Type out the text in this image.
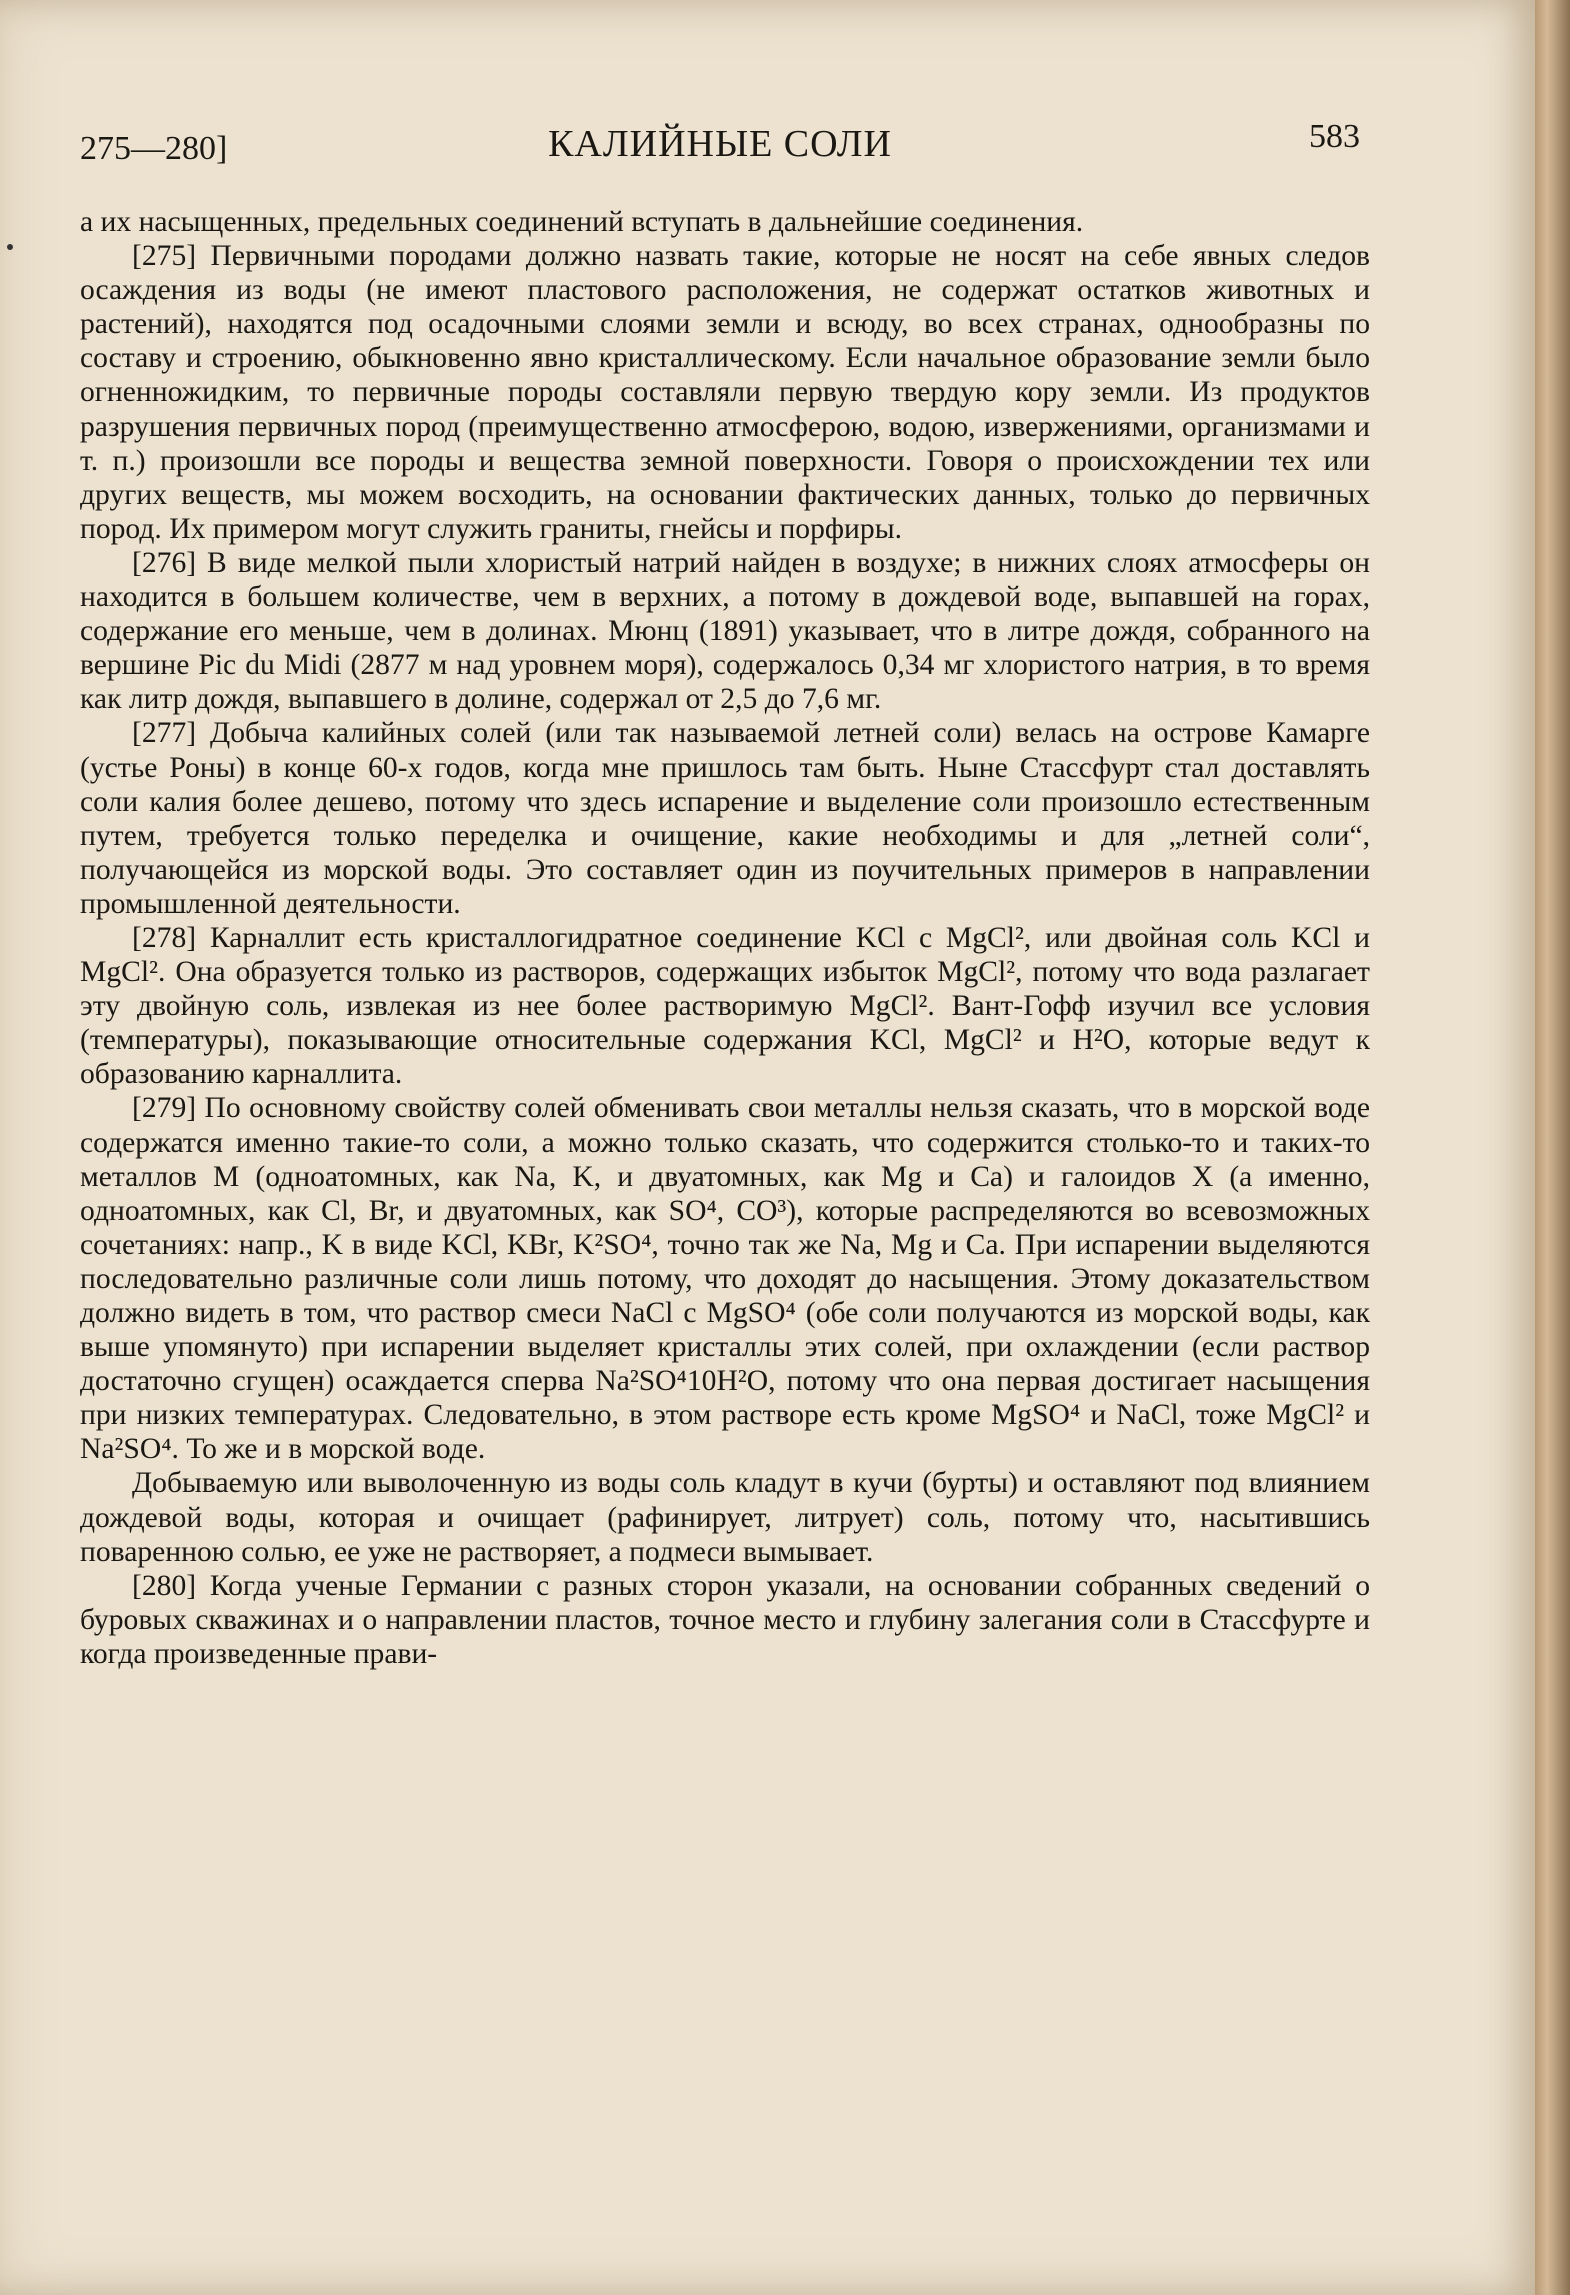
275—280]	КАЛИЙНЫЕ СОЛИ	583

а их насыщенных, предельных соединений вступать в дальнейшие соединения.

[275] Первичными породами должно назвать такие, которые не носят на себе явных следов осаждения из воды (не имеют пластового расположения, не содержат остатков животных и растений), находятся под осадочными слоями земли и всюду, во всех странах, однообразны по составу и строению, обыкновенно явно кристаллическому. Если начальное образование земли было огненножидким, то первичные породы составляли первую твердую кору земли. Из продуктов разрушения первичных пород (преимущественно атмосферою, водою, извержениями, организмами и т. п.) произошли все породы и вещества земной поверхности. Говоря о происхождении тех или других веществ, мы можем восходить, на основании фактических данных, только до первичных пород. Их примером могут служить граниты, гнейсы и порфиры.

[276] В виде мелкой пыли хлористый натрий найден в воздухе; в нижних слоях атмосферы он находится в большем количестве, чем в верхних, а потому в дождевой воде, выпавшей на горах, содержание его меньше, чем в долинах. Мюнц (1891) указывает, что в литре дождя, собранного на вершине Pic du Midi (2877 м над уровнем моря), содержалось 0,34 мг хлористого натрия, в то время как литр дождя, выпавшего в долине, содержал от 2,5 до 7,6 мг.

[277] Добыча калийных солей (или так называемой летней соли) велась на острове Камарге (устье Роны) в конце 60-х годов, когда мне пришлось там быть. Ныне Стассфурт стал доставлять соли калия более дешево, потому что здесь испарение и выделение соли произошло естественным путем, требуется только переделка и очищение, какие необходимы и для „летней соли“, получающейся из морской воды. Это составляет один из поучительных примеров в направлении промышленной деятельности.

[278] Карналлит есть кристаллогидратное соединение KCl с MgCl², или двойная соль KCl и MgCl². Она образуется только из растворов, содержащих избыток MgCl², потому что вода разлагает эту двойную соль, извлекая из нее более растворимую MgCl². Вант-Гофф изучил все условия (температуры), показывающие относительные содержания KCl, MgCl² и H²O, которые ведут к образованию карналлита.

[279] По основному свойству солей обменивать свои металлы нельзя сказать, что в морской воде содержатся именно такие-то соли, а можно только сказать, что содержится столько-то и таких-то металлов M (одноатомных, как Na, K, и двуатомных, как Mg и Ca) и галоидов X (а именно, одноатомных, как Cl, Br, и двуатомных, как SO⁴, CO³), которые распределяются во всевозможных сочетаниях: напр., K в виде KCl, KBr, K²SO⁴, точно так же Na, Mg и Ca. При испарении выделяются последовательно различные соли лишь потому, что доходят до насыщения. Этому доказательством должно видеть в том, что раствор смеси NaCl с MgSO⁴ (обе соли получаются из морской воды, как выше упомянуто) при испарении выделяет кристаллы этих солей, при охлаждении (если раствор достаточно сгущен) осаждается сперва Na²SO⁴10H²O, потому что она первая достигает насыщения при низких температурах. Следовательно, в этом растворе есть кроме MgSO⁴ и NaCl, тоже MgCl² и Na²SO⁴. То же и в морской воде.

Добываемую или выволоченную из воды соль кладут в кучи (бурты) и оставляют под влиянием дождевой воды, которая и очищает (рафинирует, литрует) соль, потому что, насытившись поваренною солью, ее уже не растворяет, а подмеси вымывает.

[280] Когда ученые Германии с разных сторон указали, на основании собранных сведений о буровых скважинах и о направлении пластов, точное место и глубину залегания соли в Стассфурте и когда произведенные прави-
